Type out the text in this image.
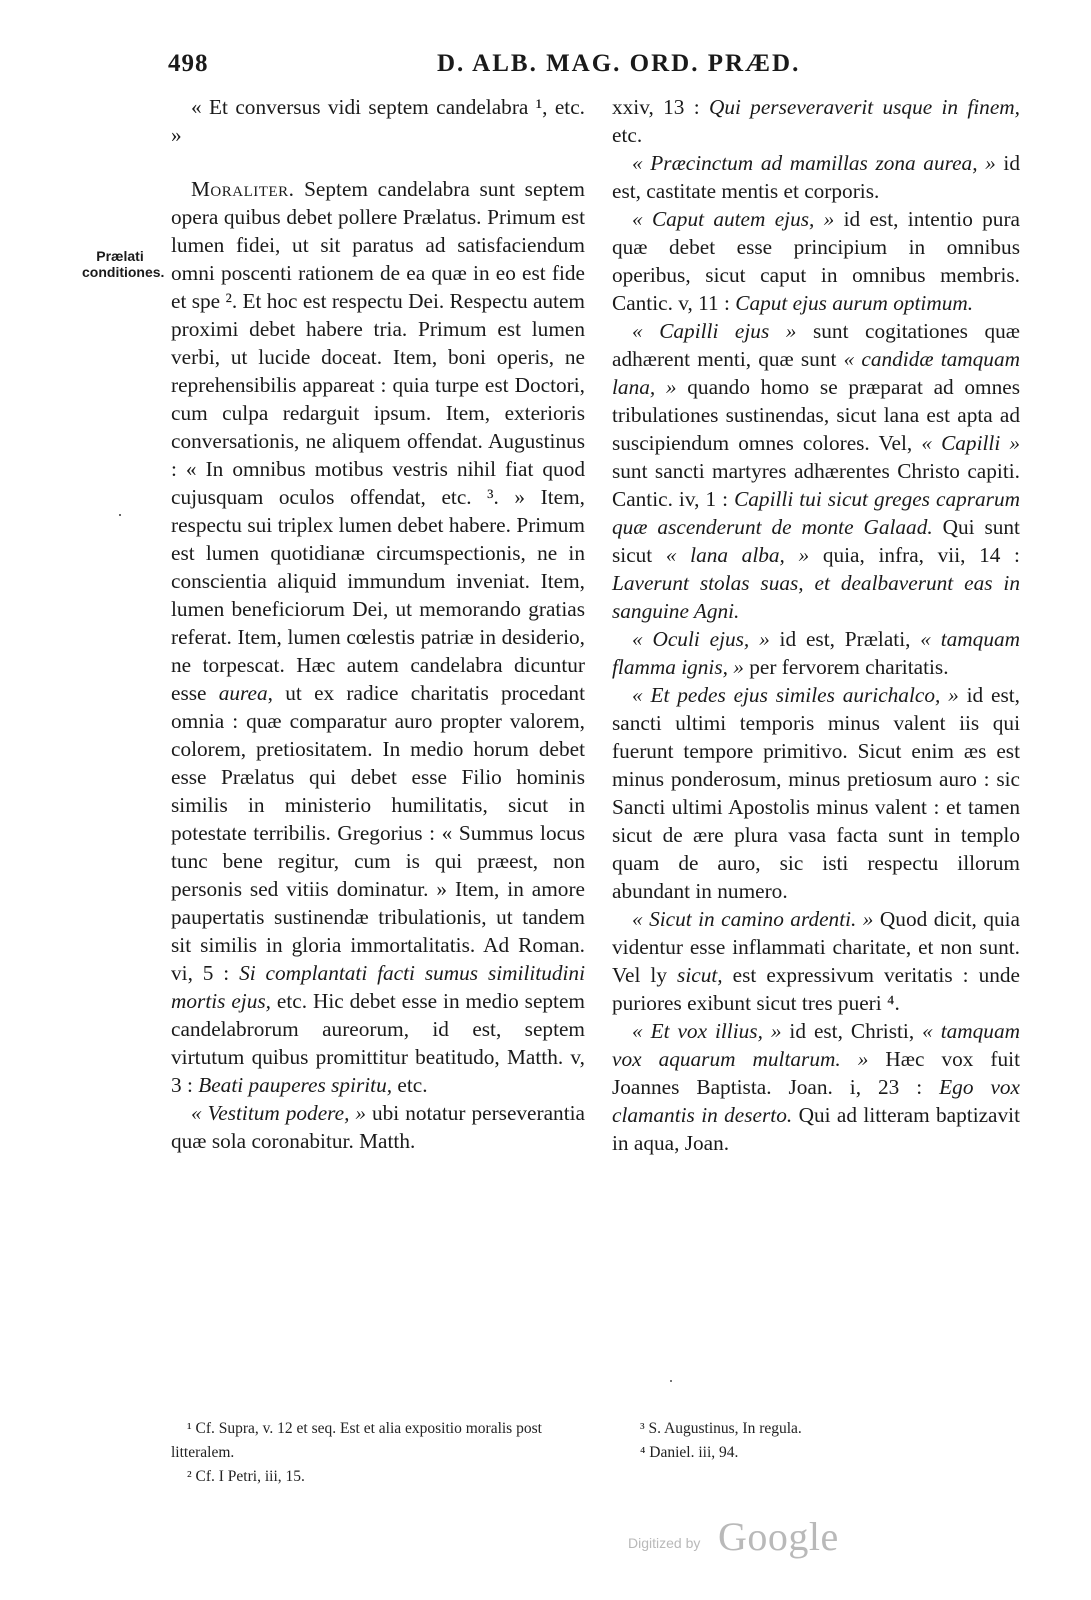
498	D. ALB. MAG. ORD. PRÆD.
Prælati conditiones.

« Et conversus vidi septem candelabra ¹, etc. »

Moraliter. Septem candelabra sunt septem opera quibus debet pollere Prælatus. Primum est lumen fidei, ut sit paratus ad satisfaciendum omni poscenti rationem de ea quæ in eo est fide et spe ². Et hoc est respectu Dei. Respectu autem proximi debet habere tria. Primum est lumen verbi, ut lucide doceat. Item, boni operis, ne reprehensibilis appareat : quia turpe est Doctori, cum culpa redarguit ipsum. Item, exterioris conversationis, ne aliquem offendat. Augustinus : « In omnibus motibus vestris nihil fiat quod cujusquam oculos offendat, etc. ³. » Item, respectu sui triplex lumen debet habere. Primum est lumen quotidianæ circumspectionis, ne in conscientia aliquid immundum inveniat. Item, lumen beneficiorum Dei, ut memorando gratias referat. Item, lumen cœlestis patriæ in desiderio, ne torpescat. Hæc autem candelabra dicuntur esse aurea, ut ex radice charitatis procedant omnia : quæ comparatur auro propter valorem, colorem, pretiositatem. In medio horum debet esse Prælatus qui debet esse Filio hominis similis in ministerio humilitatis, sicut in potestate terribilis. Gregorius : « Summus locus tunc bene regitur, cum is qui præest, non personis sed vitiis dominatur. » Item, in amore paupertatis sustinendæ tribulationis, ut tandem sit similis in gloria immortalitatis. Ad Roman. vi, 5 : Si complantati facti sumus similitudini mortis ejus, etc. Hic debet esse in medio septem candelabrorum aureorum, id est, septem virtutum quibus promittitur beatitudo, Matth. v, 3 : Beati pauperes spiritu, etc.

« Vestitum podere, » ubi notatur perseverantia quæ sola coronabitur. Matth.

xxiv, 13 : Qui perseveraverit usque in finem, etc.

« Præcinctum ad mamillas zona aurea, » id est, castitate mentis et corporis.

« Caput autem ejus, » id est, intentio pura quæ debet esse principium in omnibus operibus, sicut caput in omnibus membris. Cantic. v, 11 : Caput ejus aurum optimum.

« Capilli ejus » sunt cogitationes quæ adhærent menti, quæ sunt « candidæ tamquam lana, » quando homo se præparat ad omnes tribulationes sustinendas, sicut lana est apta ad suscipiendum omnes colores. Vel, « Capilli » sunt sancti martyres adhærentes Christo capiti. Cantic. iv, 1 : Capilli tui sicut greges caprarum quæ ascenderunt de monte Galaad. Qui sunt sicut « lana alba, » quia, infra, vii, 14 : Laverunt stolas suas, et dealbaverunt eas in sanguine Agni.

« Oculi ejus, » id est, Prælati, « tamquam flamma ignis, » per fervorem charitatis.

« Et pedes ejus similes aurichalco, » id est, sancti ultimi temporis minus valent iis qui fuerunt tempore primitivo. Sicut enim æs est minus ponderosum, minus pretiosum auro : sic Sancti ultimi Apostolis minus valent : et tamen sicut de ære plura vasa facta sunt in templo quam de auro, sic isti respectu illorum abundant in numero.

« Sicut in camino ardenti. » Quod dicit, quia videntur esse inflammati charitate, et non sunt. Vel ly sicut, est expressivum veritatis : unde puriores exibunt sicut tres pueri ⁴.

« Et vox illius, » id est, Christi, « tamquam vox aquarum multarum. » Hæc vox fuit Joannes Baptista. Joan. i, 23 : Ego vox clamantis in deserto. Qui ad litteram baptizavit in aqua, Joan.

¹ Cf. Supra, v. 12 et seq. Est et alia expositio moralis post litteralem.

² Cf. I Petri, iii, 15.

³ S. Augustinus, In regula.

⁴ Daniel. iii, 94.

Digitized by Google
